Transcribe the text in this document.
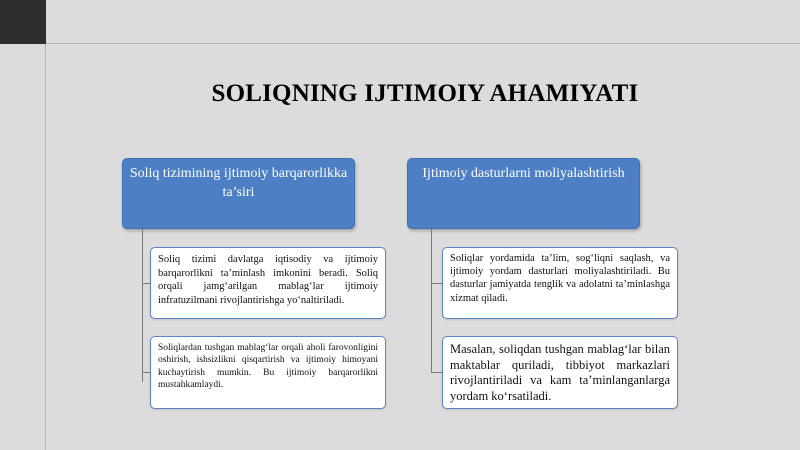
SOLIQNING IJTIMOIY AHAMIYATI
Soliq tizimining ijtimoiy barqarorlikka ta’siri
Soliq tizimi davlatga iqtisodiy va ijtimoiy barqarorlikni ta’minlash imkonini beradi. Soliq orqali jamg‘arilgan mablag‘lar ijtimoiy infratuzilmani rivojlantirishga yo‘naltiriladi.
Soliqlardan tushgan mablag‘lar orqali aholi farovonligini oshirish, ishsizlikni qisqartirish va ijtimoiy himoyani kuchaytirish mumkin. Bu ijtimoiy barqarorlikni mustahkamlaydi.
Ijtimoiy dasturlarni moliyalashtirish
Soliqlar yordamida ta’lim, sog‘liqni saqlash, va ijtimoiy yordam dasturlari moliyalashtiriladi. Bu dasturlar jamiyatda tenglik va adolatni ta’minlashga xizmat qiladi.
Masalan, soliqdan tushgan mablag‘lar bilan maktablar quriladi, tibbiyot markazlari rivojlantiriladi va kam ta’minlanganlarga yordam ko‘rsatiladi.
